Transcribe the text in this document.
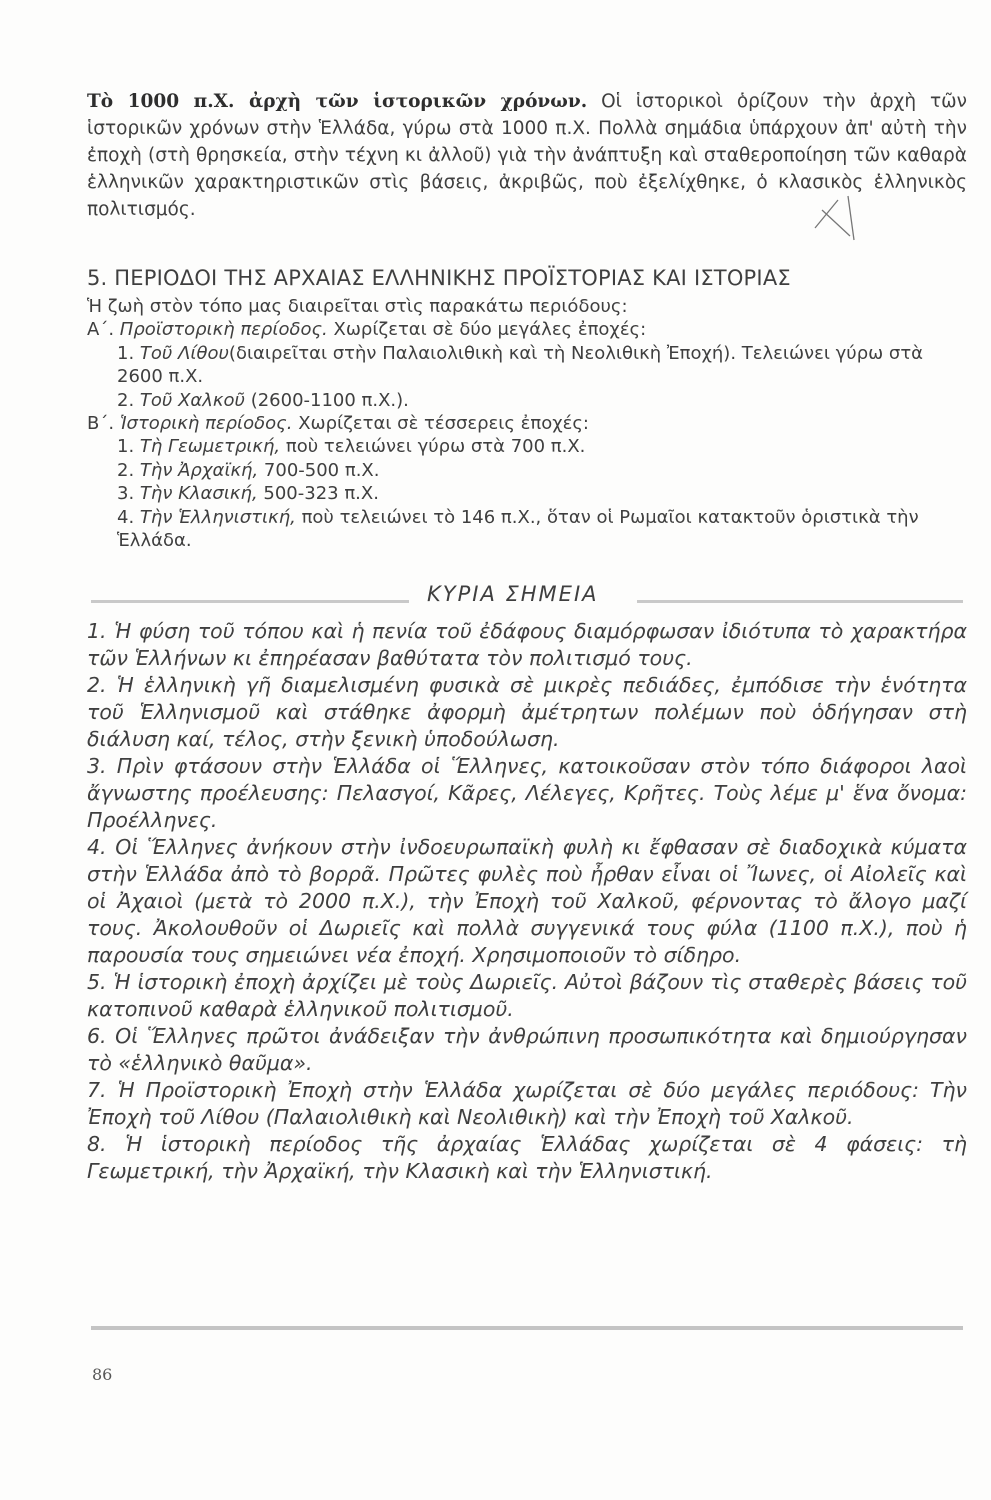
Τὸ 1000 π.Χ. ἀρχὴ τῶν ἱστορικῶν χρόνων. Οἱ ἱστορικοὶ ὁρίζουν τὴν ἀρχὴ τῶν ἱστορικῶν χρόνων στὴν Ἑλλάδα, γύρω στὰ 1000 π.Χ. Πολλὰ σημάδια ὑπάρχουν ἀπ' αὐτὴ τὴν ἐποχὴ (στὴ θρησκεία, στὴν τέχνη κι ἀλλοῦ) γιὰ τὴν ἀνάπτυξη καὶ σταθεροποίηση τῶν καθαρὰ ἑλληνικῶν χαρακτηριστικῶν στὶς βάσεις, ἀκριβῶς, ποὺ ἐξελίχθηκε, ὁ κλασικὸς ἑλληνικὸς πολιτισμός.

5. ΠΕΡΙΟΔΟΙ ΤΗΣ ΑΡΧΑΙΑΣ ΕΛΛΗΝΙΚΗΣ ΠΡΟΪΣΤΟΡΙΑΣ ΚΑΙ ΙΣΤΟΡΙΑΣ
Ἡ ζωὴ στὸν τόπο μας διαιρεῖται στὶς παρακάτω περιόδους:
Α΄. Προϊστορικὴ περίοδος. Χωρίζεται σὲ δύο μεγάλες ἐποχές:
1. Τοῦ Λίθου(διαιρεῖται στὴν Παλαιολιθικὴ καὶ τὴ Νεολιθικὴ Ἐποχή). Τελειώνει γύρω στὰ 2600 π.Χ.
2. Τοῦ Χαλκοῦ (2600-1100 π.Χ.).
Β΄. Ἱστορικὴ περίοδος. Χωρίζεται σὲ τέσσερεις ἐποχές:
1. Τὴ Γεωμετρική, ποὺ τελειώνει γύρω στὰ 700 π.Χ.
2. Τὴν Ἀρχαϊκή, 700-500 π.Χ.
3. Τὴν Κλασική, 500-323 π.Χ.
4. Τὴν Ἑλληνιστική, ποὺ τελειώνει τὸ 146 π.Χ., ὅταν οἱ Ρωμαῖοι κατακτοῦν ὁριστικὰ τὴν Ἑλλάδα.
ΚΥΡΙΑ ΣΗΜΕΙΑ
1. Ἡ φύση τοῦ τόπου καὶ ἡ πενία τοῦ ἐδάφους διαμόρφωσαν ἰδιότυπα τὸ χαρακτήρα τῶν Ἑλλήνων κι ἐπηρέασαν βαθύτατα τὸν πολιτισμό τους.
2. Ἡ ἑλληνικὴ γῆ διαμελισμένη φυσικὰ σὲ μικρὲς πεδιάδες, ἐμπόδισε τὴν ἑνότητα τοῦ Ἑλληνισμοῦ καὶ στάθηκε ἀφορμὴ ἀμέτρητων πολέμων ποὺ ὁδήγησαν στὴ διάλυση καί, τέλος, στὴν ξενικὴ ὑποδούλωση.
3. Πρὶν φτάσουν στὴν Ἑλλάδα οἱ Ἕλληνες, κατοικοῦσαν στὸν τόπο διάφοροι λαοὶ ἄγνωστης προέλευσης: Πελασγοί, Κᾶρες, Λέλεγες, Κρῆτες. Τοὺς λέμε μ' ἕνα ὄνομα: Προέλληνες.
4. Οἱ Ἕλληνες ἀνήκουν στὴν ἰνδοευρωπαϊκὴ φυλὴ κι ἔφθασαν σὲ διαδοχικὰ κύματα στὴν Ἑλλάδα ἀπὸ τὸ βορρᾶ. Πρῶτες φυλὲς ποὺ ἦρθαν εἶναι οἱ Ἴωνες, οἱ Αἰολεῖς καὶ οἱ Ἀχαιοὶ (μετὰ τὸ 2000 π.Χ.), τὴν Ἐποχὴ τοῦ Χαλκοῦ, φέρνοντας τὸ ἄλογο μαζί τους. Ἀκολουθοῦν οἱ Δωριεῖς καὶ πολλὰ συγγενικά τους φύλα (1100 π.Χ.), ποὺ ἡ παρουσία τους σημειώνει νέα ἐποχή. Χρησιμοποιοῦν τὸ σίδηρο.
5. Ἡ ἱστορικὴ ἐποχὴ ἀρχίζει μὲ τοὺς Δωριεῖς. Αὐτοὶ βάζουν τὶς σταθερὲς βάσεις τοῦ κατοπινοῦ καθαρὰ ἑλληνικοῦ πολιτισμοῦ.
6. Οἱ Ἕλληνες πρῶτοι ἀνάδειξαν τὴν ἀνθρώπινη προσωπικότητα καὶ δημιούργησαν τὸ «ἑλληνικὸ θαῦμα».
7. Ἡ Προϊστορικὴ Ἐποχὴ στὴν Ἑλλάδα χωρίζεται σὲ δύο μεγάλες περιόδους: Τὴν Ἐποχὴ τοῦ Λίθου (Παλαιολιθικὴ καὶ Νεολιθικὴ) καὶ τὴν Ἐποχὴ τοῦ Χαλκοῦ.
8. Ἡ ἱστορικὴ περίοδος τῆς ἀρχαίας Ἑλλάδας χωρίζεται σὲ 4 φάσεις: τὴ Γεωμετρική, τὴν Ἀρχαϊκή, τὴν Κλασικὴ καὶ τὴν Ἑλληνιστική.
86
